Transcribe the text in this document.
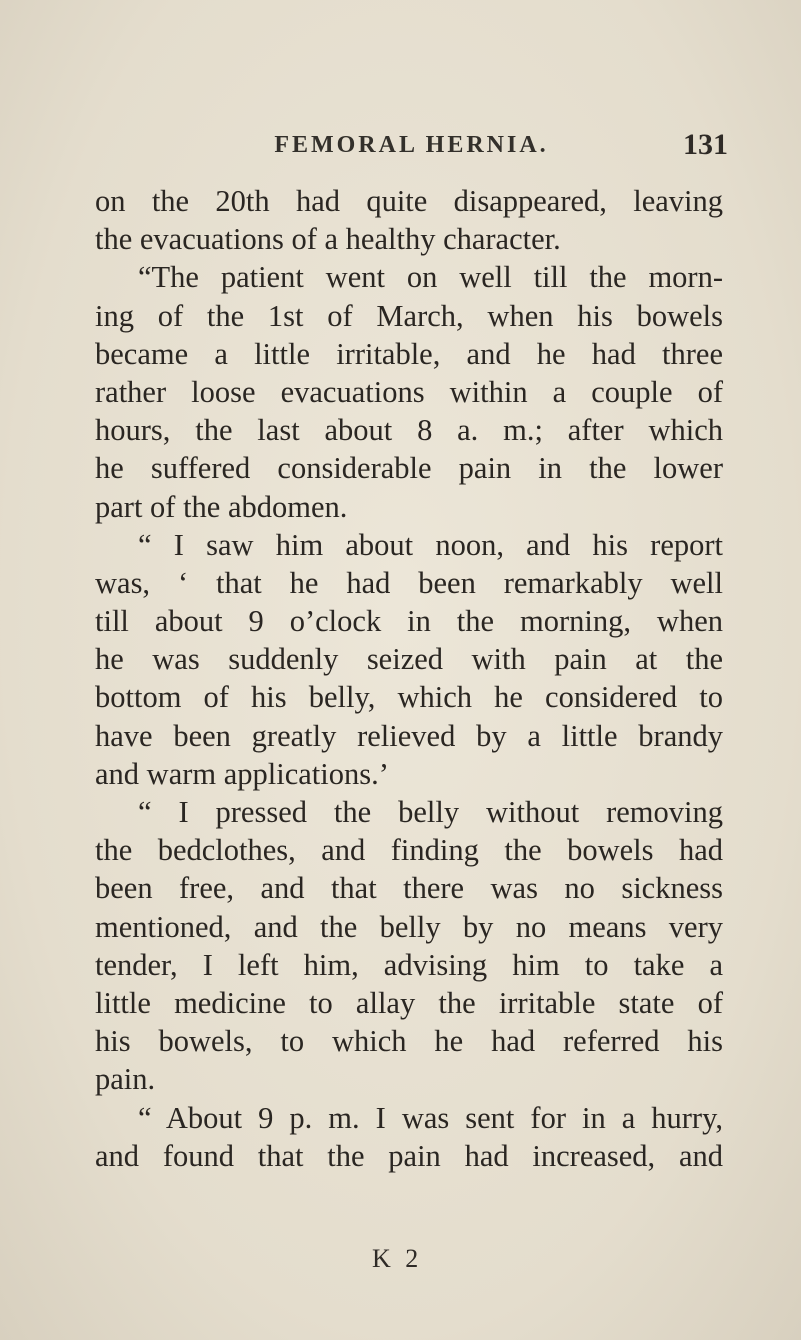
FEMORAL HERNIA.	131
on the 20th had quite disappeared, leaving
the evacuations of a healthy character.
“The patient went on well till the morn-
ing of the 1st of March, when his bowels
became a little irritable, and he had three
rather loose evacuations within a couple of
hours, the last about 8 a. m.; after which
he suffered considerable pain in the lower
part of the abdomen.
“ I saw him about noon, and his report
was, ‘ that he had been remarkably well
till about 9 o’clock in the morning, when
he was suddenly seized with pain at the
bottom of his belly, which he considered to
have been greatly relieved by a little brandy
and warm applications.’
“ I pressed the belly without removing
the bedclothes, and finding the bowels had
been free, and that there was no sickness
mentioned, and the belly by no means very
tender, I left him, advising him to take a
little medicine to allay the irritable state of
his bowels, to which he had referred his
pain.
“ About 9 p. m. I was sent for in a hurry,
and found that the pain had increased, and
K 2
